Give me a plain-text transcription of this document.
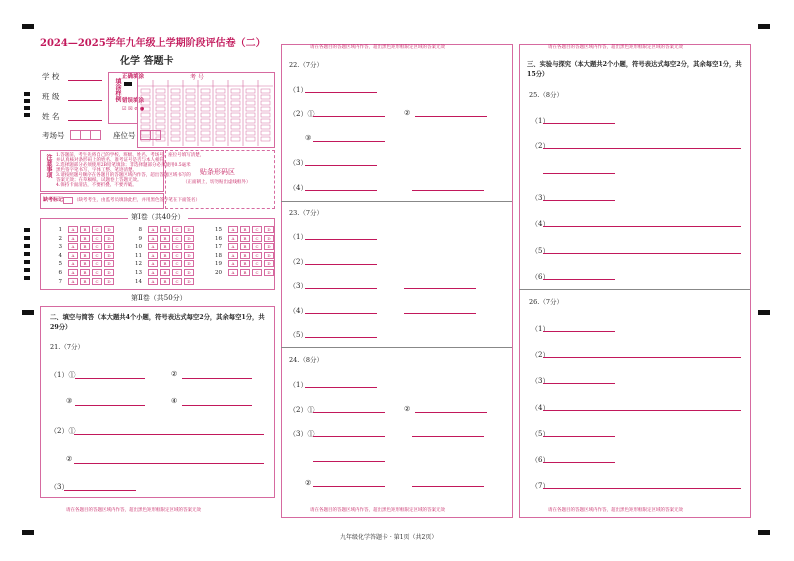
2024—2025学年九年级上学期阶段评估卷（二）
化学 答题卡
学 校
班 级
姓 名
考场号	座位号
填涂样例
正确填涂
错误填涂
☑ ☒ ⊘ ●
考 号
注意事项 1.答题前，考生先将自己的学校、班级、姓名、考场号、座位号填写清楚，
并认真核对条形码上的姓名、准考证号是否与本人相符。
2.选择题部分必须使用2B铅笔填涂；非选择题部分必须使用0.5毫米
黑色签字笔书写，字体工整、笔迹清楚。
3.请按照题号顺序在各题目的答题区域内作答，超出答题区域书写的
答案无效；在草稿纸、试题卷上答题无效。
4.保持卡面清洁，不要折叠、不要弄破。
贴条形码区
（正面朝上，切勿贴出虚线框外）
缺考标记 （缺考考生，由监考员填涂此栏，并用黑色签字笔在下面签名）
第Ⅰ卷（共40分）
1 A B C D
2 A B C D
3 A B C D
4 A B C D
5 A B C D
6 A B C D
7 A B C D
8 A B C D
9 A B C D
10 A B C D
11 A B C D
12 A B C D
13 A B C D
14 A B C D
15 A B C D
16 A B C D
17 A B C D
18 A B C D
19 A B C D
20 A B C D
第Ⅱ卷（共50分）
二、填空与简答（本大题共4个小题，符号表达式每空2分，其余每空1分，共29分）
21.（7分）
（1）①	②
③	④
（2）①
②
（3）
请在各题目的答题区域内作答，超出黑色矩形框限定区域的答案无效
请在各题目的答题区域内作答，超出黑色矩形框限定区域的答案无效
22.（7分）
（1）
（2）①	②
③
（3）
（4）
23.（7分）
（1）
（2）
（3）
（4）
（5）
24.（8分）
（1）
（2）①	②
（3）①
②
请在各题目的答题区域内作答，超出黑色矩形框限定区域的答案无效
请在各题目的答题区域内作答，超出黑色矩形框限定区域的答案无效
三、实验与探究（本大题共2个小题，符号表达式每空2分，其余每空1分，共15分）
25.（8分）
（1）
（2）
（3）
（4）
（5）
（6）
26.（7分）
（1）
（2）
（3）
（4）
（5）
（6）
（7）
请在各题目的答题区域内作答，超出黑色矩形框限定区域的答案无效
九年级化学答题卡 · 第1页（共2页）
